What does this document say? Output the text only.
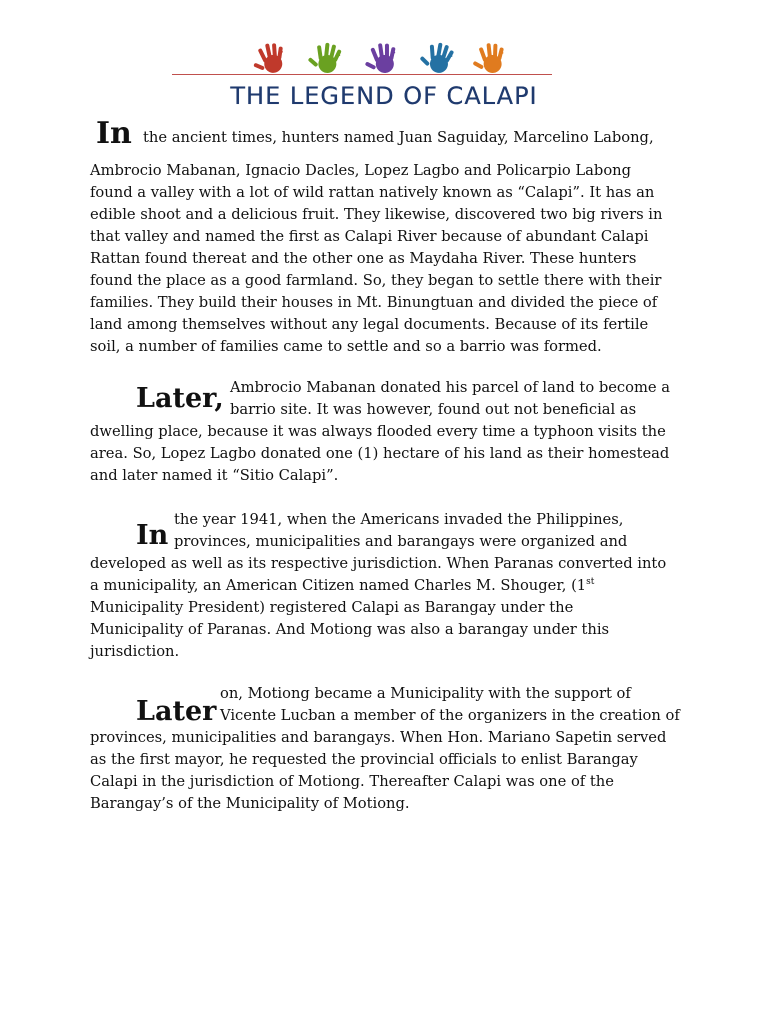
THE LEGEND OF CALAPI
In the ancient times, hunters named Juan Saguiday, Marcelino Labong,

Ambrocio Mabanan, Ignacio Dacles, Lopez Lagbo and Policarpio Labong

found a valley with a lot of wild rattan natively known as “Calapi”. It has an

edible shoot and a delicious fruit. They likewise, discovered two big rivers in

that valley and named the first as Calapi River because of abundant Calapi

Rattan found thereat and the other one as Maydaha River. These hunters

found the place as a good farmland. So, they began to settle there with their

families. They build their houses in Mt. Binungtuan and divided the piece of

land among themselves without any legal documents. Because of its fertile

soil, a number of families came to settle and so a barrio was formed.

Later, Ambrocio Mabanan donated his parcel of land to become a

barrio site. It was however, found out not beneficial as

dwelling place, because it was always flooded every time a typhoon visits the

area. So, Lopez Lagbo donated one (1) hectare of his land as their homestead

and later named it “Sitio Calapi”.

In

the year 1941, when the Americans invaded the Philippines,

provinces, municipalities and barangays were organized and

developed as well as its respective jurisdiction. When Paranas converted into

a municipality, an American Citizen named Charles M. Shouger, (1st

Municipality President) registered Calapi as Barangay under the

Municipality of Paranas. And Motiong was also a barangay under this

jurisdiction.

Later

on, Motiong became a Municipality with the support of

Vicente Lucban a member of the organizers in the creation of

provinces, municipalities and barangays. When Hon. Mariano Sapetin served

as the first mayor, he requested the provincial officials to enlist Barangay

Calapi in the jurisdiction of Motiong. Thereafter Calapi was one of the

Barangay’s of the Municipality of Motiong.
